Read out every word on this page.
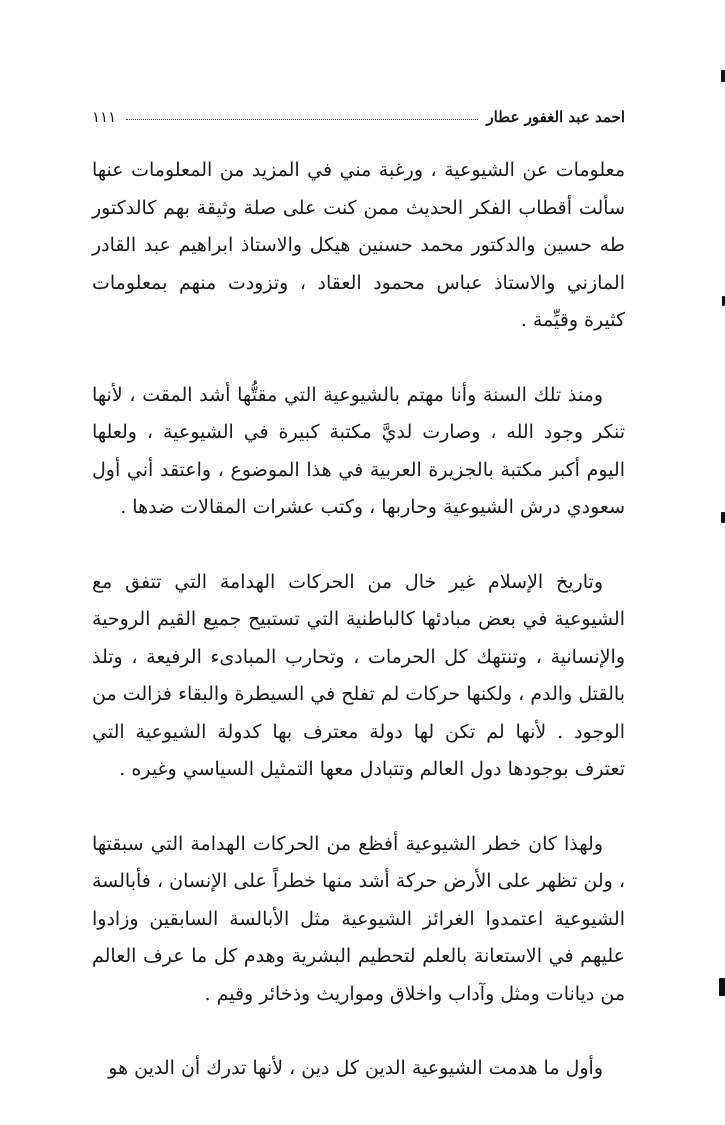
احمد عبد الغفور عطار
١١١

معلومات عن الشيوعية ، ورغبة مني في المزيد من المعلومات عنها سألت أقطاب الفكر الحديث ممن كنت على صلة وثيقة بهم كالدكتور طه حسين والدكتور محمد حسنين هيكل والاستاذ ابراهيم عبد القادر المازني والاستاذ عباس محمود العقاد ، وتزودت منهم بمعلومات كثيرة وقيِّمة .

ومنذ تلك السنة وأنا مهتم بالشيوعية التي مقتُّها أشد المقت ، لأنها تنكر وجود الله ، وصارت لديَّ مكتبة كبيرة في الشيوعية ، ولعلها اليوم أكبر مكتبة بالجزيرة العربية في هذا الموضوع ، واعتقد أني أول سعودي درش الشيوعية وحاربها ، وكتب عشرات المقالات ضدها .

وتاريخ الإسلام غير خال من الحركات الهدامة التي تتفق مع الشيوعية في بعض مبادئها كالباطنية التي تستبيح جميع القيم الروحية والإنسانية ، وتنتهك كل الحرمات ، وتحارب المبادىء الرفيعة ، وتلذ بالقتل والدم ، ولكنها حركات لم تفلح في السيطرة والبقاء فزالت من الوجود . لأنها لم تكن لها دولة معترف بها كدولة الشيوعية التي تعترف بوجودها دول العالم وتتبادل معها التمثيل السياسي وغيره .

ولهذا كان خطر الشيوعية أفظع من الحركات الهدامة التي سبقتها ، ولن تظهر على الأرض حركة أشد منها خطراً على الإنسان ، فأبالسة الشيوعية اعتمدوا الغرائز الشيوعية مثل الأبالسة السابقين وزادوا عليهم في الاستعانة بالعلم لتحطيم البشرية وهدم كل ما عرف العالم من ديانات ومثل وآداب واخلاق ومواريث وذخائر وقيم .

وأول ما هدمت الشيوعية الدين كل دين ، لأنها تدرك أن الدين هو
